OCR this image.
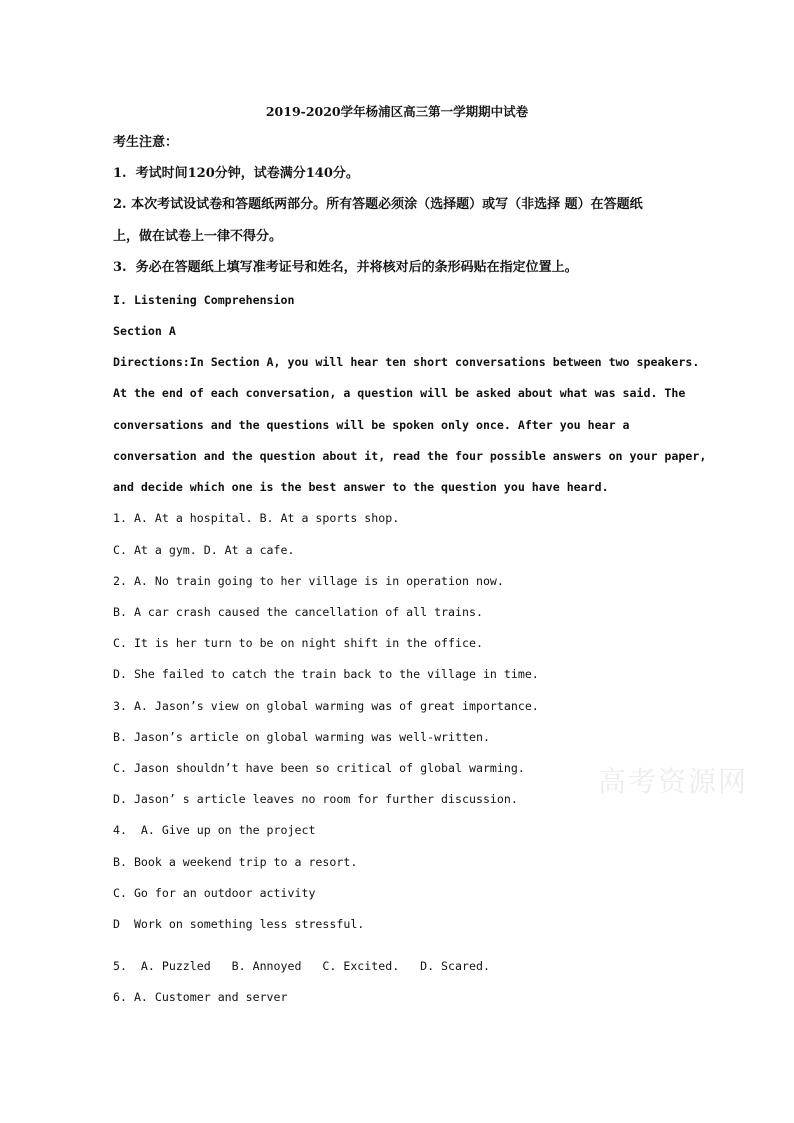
2019-2020学年杨浦区高三第一学期期中试卷
考生注意：
1.  考试时间120分钟，试卷满分140分。
2. 本次考试设试卷和答题纸两部分。所有答题必须涂（选择题）或写（非选择 题）在答题纸
上，做在试卷上一律不得分。
3.  务必在答题纸上填写准考证号和姓名，并将核对后的条形码贴在指定位置上。
I. Listening Comprehension
Section A
Directions:In Section A, you will hear ten short conversations between two speakers.
At the end of each conversation, a question will be asked about what was said. The
conversations and the questions will be spoken only once. After you hear a
conversation and the question about it, read the four possible answers on your paper,
and decide which one is the best answer to the question you have heard.
1. A. At a hospital. B. At a sports shop.
C. At a gym. D. At a cafe.
2. A. No train going to her village is in operation now.
B. A car crash caused the cancellation of all trains.
C. It is her turn to be on night shift in the office.
D. She failed to catch the train back to the village in time.
3. A. Jason’s view on global warming was of great importance.
B. Jason’s article on global warming was well-written.
C. Jason shouldn’t have been so critical of global warming.
D. Jason’ s article leaves no room for further discussion.
4.  A. Give up on the project
B. Book a weekend trip to a resort.
C. Go for an outdoor activity
D  Work on something less stressful.
5.  A. Puzzled   B. Annoyed   C. Excited.   D. Scared.
6. A. Customer and server
高考资源网
